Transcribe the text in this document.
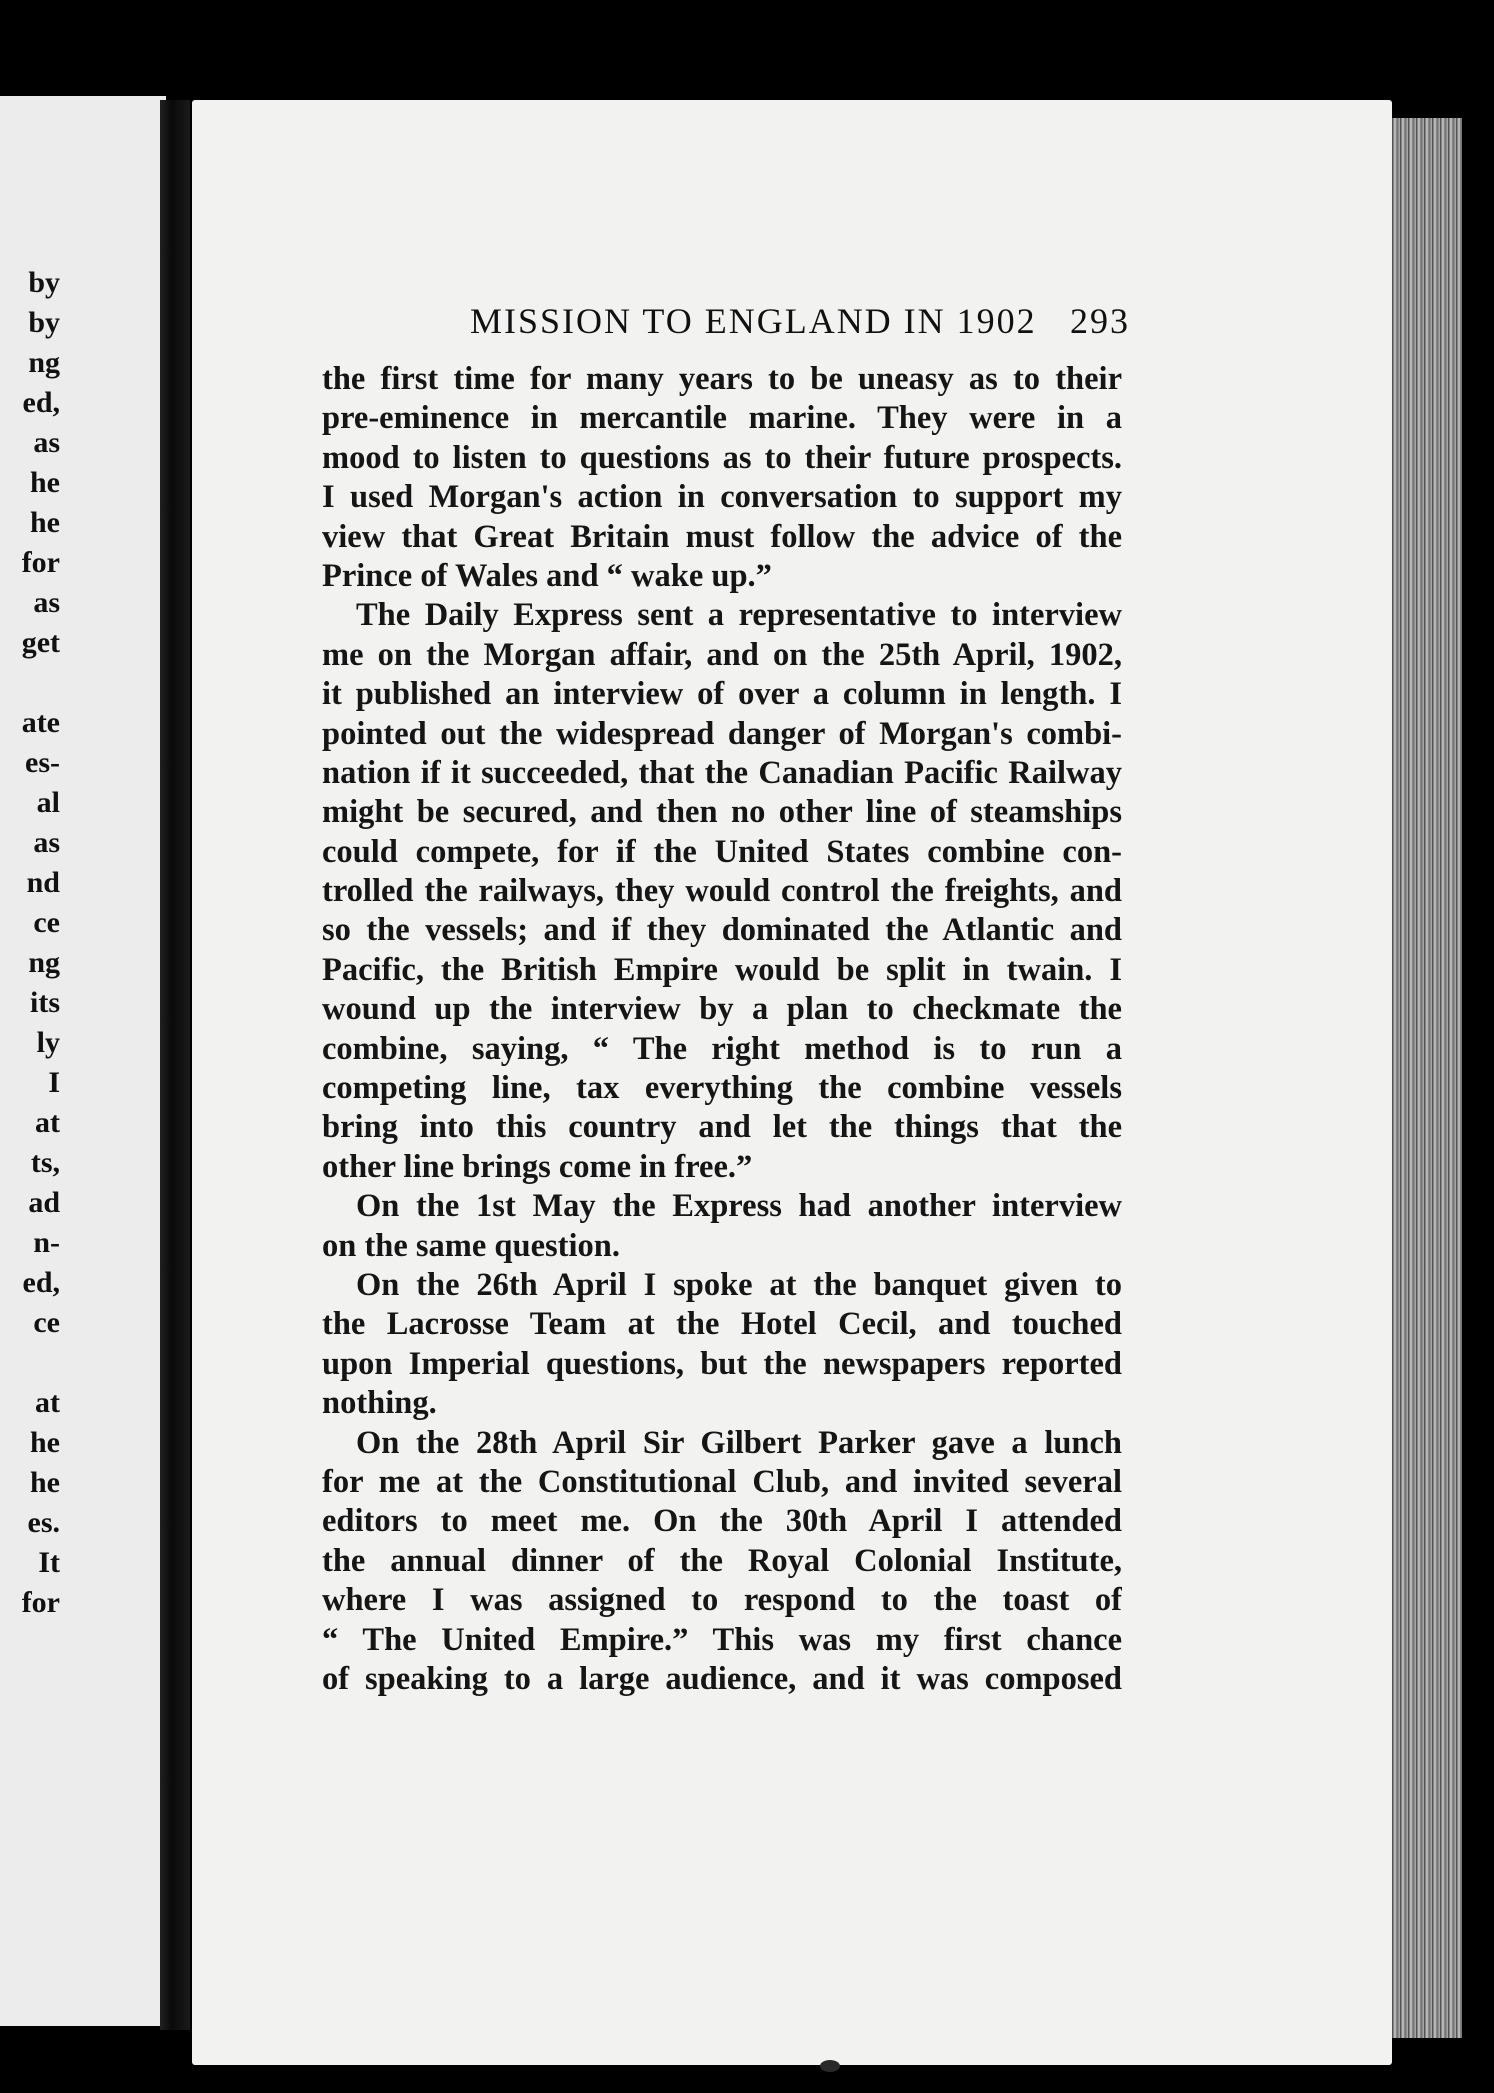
by
by
ng
ed,
as
he
he
for
as
get
ate
es-
al
as
nd
ce
ng
its
ly
I
at
ts,
ad
n-
ed,
ce
at
he
he
es.
It
for
MISSION TO ENGLAND IN 1902 293
the first time for many years to be uneasy as to their
pre-eminence in mercantile marine. They were in a
mood to listen to questions as to their future prospects.
I used Morgan's action in conversation to support my
view that Great Britain must follow the advice of the
Prince of Wales and “ wake up.”
The Daily Express sent a representative to interview
me on the Morgan affair, and on the 25th April, 1902,
it published an interview of over a column in length. I
pointed out the widespread danger of Morgan's combi-
nation if it succeeded, that the Canadian Pacific Railway
might be secured, and then no other line of steamships
could compete, for if the United States combine con-
trolled the railways, they would control the freights, and
so the vessels; and if they dominated the Atlantic and
Pacific, the British Empire would be split in twain. I
wound up the interview by a plan to checkmate the
combine, saying, “ The right method is to run a
competing line, tax everything the combine vessels
bring into this country and let the things that the
other line brings come in free.”
On the 1st May the Express had another interview
on the same question.
On the 26th April I spoke at the banquet given to
the Lacrosse Team at the Hotel Cecil, and touched
upon Imperial questions, but the newspapers reported
nothing.
On the 28th April Sir Gilbert Parker gave a lunch
for me at the Constitutional Club, and invited several
editors to meet me. On the 30th April I attended
the annual dinner of the Royal Colonial Institute,
where I was assigned to respond to the toast of
“ The United Empire.” This was my first chance
of speaking to a large audience, and it was composed
